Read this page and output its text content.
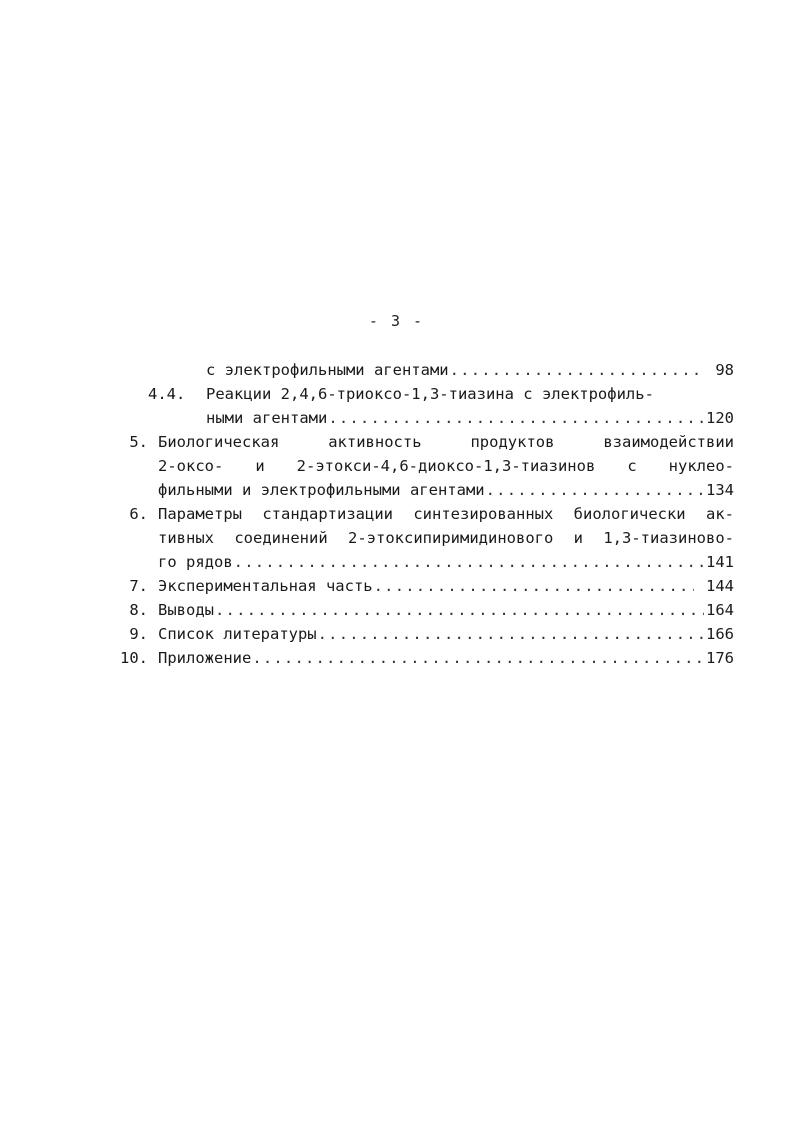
- 3 -
с электрофильными агентами .....	98
4.4. Реакции 2,4,6-триоксо-1,3-тиазина с электрофиль-
ными агентами .....	120
5. Биологическая активность продуктов взаимодействии
2-оксо- и 2-этокси-4,6-диоксо-1,3-тиазинов с нуклео-
фильными и электрофильными агентами .....	134
6. Параметры стандартизации синтезированных биологически ак-
тивных соединений 2-этоксипиримидинового и 1,3-тиазиново-
го рядов .....	141
7. Экспериментальная часть .....	144
8. Выводы .....	164
9. Список литературы .....	166
10. Приложение .....	176
